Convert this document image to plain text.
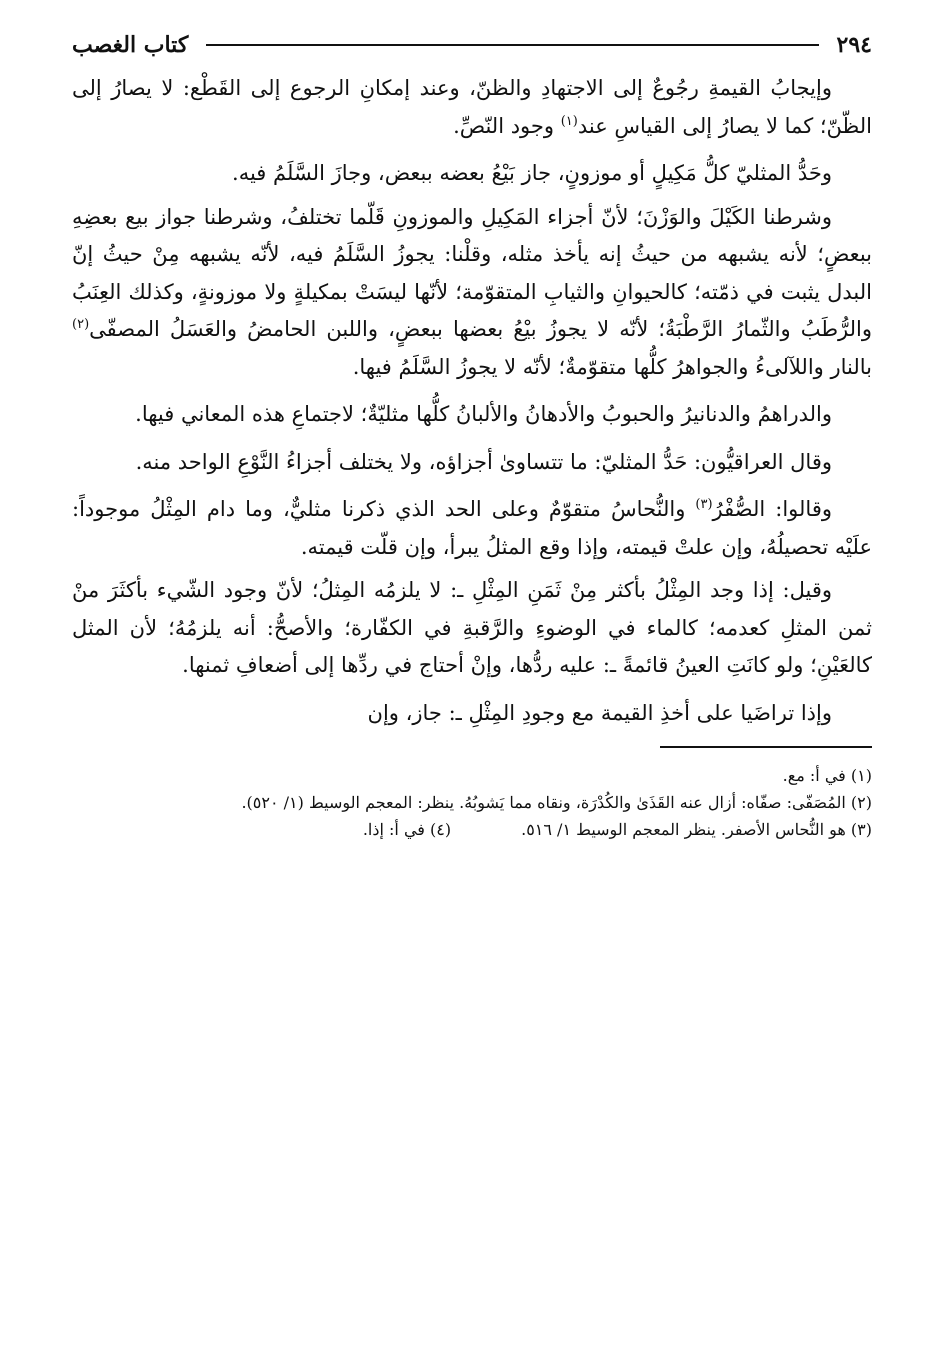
٢٩٤
كتاب الغصب

وإيجابُ القيمةِ رجُوعٌ إلى الاجتهادِ والظنّ، وعند إمكانِ الرجوع إلى القَطْع: لا يصارُ إلى الظّنّ؛ كما لا يصارُ إلى القياسِ عند$^{(١)}$ وجود النّصِّ.

وحَدُّ المثليّ كلُّ مَكِيلٍ أو موزونٍ، جاز بَيْعُ بعضه ببعض، وجازَ السَّلَمُ فيه.

وشرطنا الكَيْلَ والوَزْنَ؛ لأنّ أجزاء المَكِيلِ والموزونِ قَلّما تختلفُ، وشرطنا جواز بيع بعضِهِ ببعضٍ؛ لأنه يشبهه من حيثُ إنه يأخذ مثله، وقلْنا: يجوزُ السَّلَمُ فيه، لأنّه يشبهه مِنْ حيثُ إنّ البدل يثبت في ذمّته؛ كالحيوانِ والثيابِ المتقوّمة؛ لأنّها ليسَتْ بمكيلةٍ ولا موزونةٍ، وكذلك العِنَبُ والرُّطَبُ والثّمارُ الرَّطْبَةُ؛ لأنّه لا يجوزُ بيْعُ بعضها ببعضٍ، واللبن الحامضُ والعَسَلُ المصفّى$^{(٢)}$ بالنار واللآلىءُ والجواهرُ كلُّها متقوّمةٌ؛ لأنّه لا يجوزُ السَّلَمُ فيها.

والدراهمُ والدنانيرُ والحبوبُ والأدهانُ والألبانُ كلُّها مثليّةٌ؛ لاجتماعِ هذه المعاني فيها.

وقال العراقيُّون: حَدُّ المثليّ: ما تتساوىٰ أجزاؤه، ولا يختلف أجزاءُ النَّوْعِ الواحد منه.

وقالوا: الصُّفْرُ$^{(٣)}$ والنُّحاسُ متقوّمٌ وعلى الحد الذي ذكرنا مثليٌّ، وما دام المِثْلُ موجوداً: علَيْه تحصيلُهُ، وإن علتْ قيمته، وإذا وقع المثلُ يبرأ، وإن قلّت قيمته.

وقيل: إذا وجد المِثْلُ بأكثر مِنْ ثَمَنِ المِثْلِ ـ: لا يلزمُه المِثلُ؛ لأنّ وجود الشّيء بأكثَرَ منْ ثمن المثلِ كعدمه؛ كالماء في الوضوءِ والرَّقبةِ في الكفّارة؛ والأصحُّ: أنه يلزمُهُ؛ لأن المثل كالعَيْنِ؛ ولو كانَتِ العينُ قائمةً ـ: عليه ردُّها، وإنْ أحتاج في ردِّها إلى أضعافِ ثمنها.

وإذا تراضَيا على أخذِ القيمة مع وجودِ المِثْلِ ـ: جاز، وإن

(١) في أ: مع.

(٢) المُصَفّى: صفّاه: أزال عنه القَذَىٰ والكُدْرَة، ونقاه مما يَشوبُهُ. ينظر: المعجم الوسيط (١/ ٥٢٠).

(٣) هو النُّحاس الأصفر. ينظر المعجم الوسيط ١/ ٥١٦.

(٤) في أ: إذا.
